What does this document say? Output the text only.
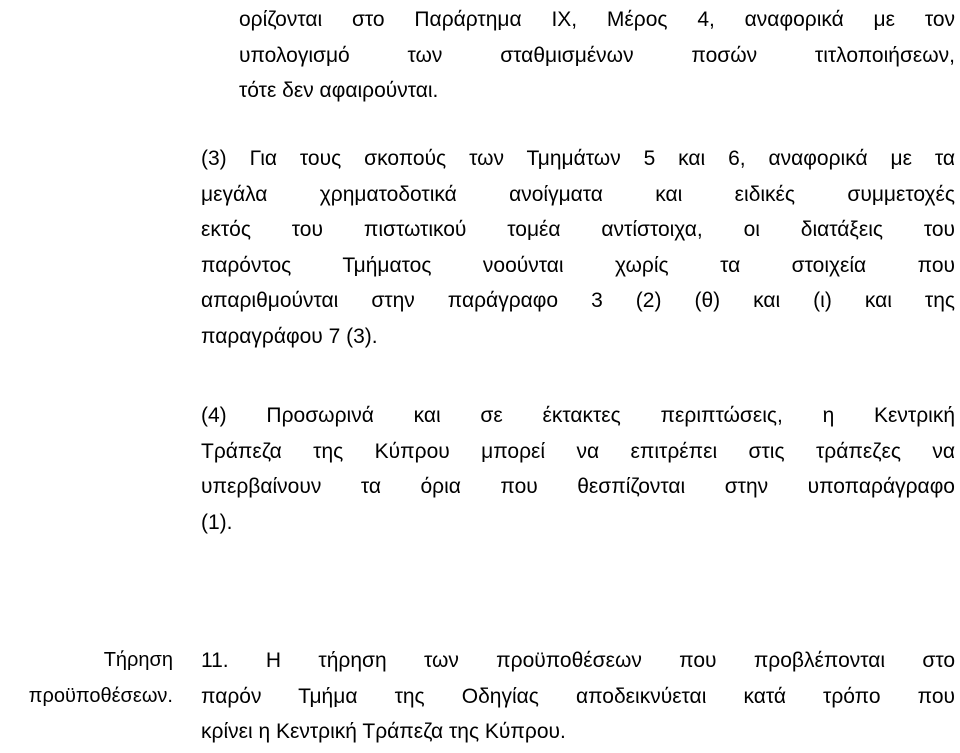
ορίζονται στο Παράρτημα ΙΧ, Μέρος 4, αναφορικά με τον
υπολογισμό των σταθμισμένων ποσών τιτλοποιήσεων,
τότε δεν αφαιρούνται.

(3) Για τους σκοπούς των Τμημάτων 5 και 6, αναφορικά με τα
μεγάλα χρηματοδοτικά ανοίγματα και ειδικές συμμετοχές
εκτός του πιστωτικού τομέα αντίστοιχα, οι διατάξεις του
παρόντος Τμήματος νοούνται χωρίς τα στοιχεία που
απαριθμούνται στην παράγραφο 3 (2) (θ) και (ι) και της
παραγράφου 7 (3).

(4) Προσωρινά και σε έκτακτες περιπτώσεις, η Κεντρική
Τράπεζα της Κύπρου μπορεί να επιτρέπει στις τράπεζες να
υπερβαίνουν τα όρια που θεσπίζονται στην υποπαράγραφο
(1).

Τήρηση
προϋποθέσεων.

11. Η τήρηση των προϋποθέσεων που προβλέπονται στο
παρόν Τμήμα της Οδηγίας αποδεικνύεται κατά τρόπο που
κρίνει η Κεντρική Τράπεζα της Κύπρου.
